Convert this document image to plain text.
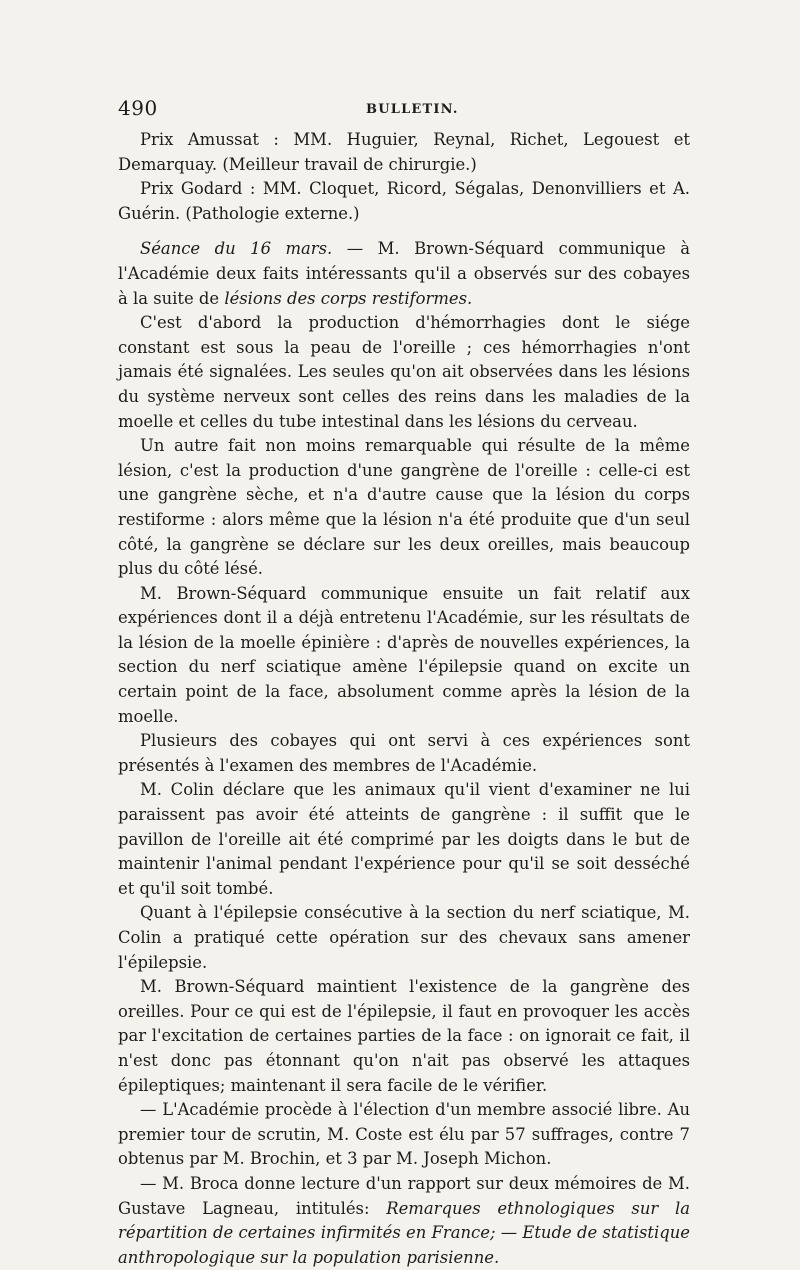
490	BULLETIN.

Prix Amussat : MM. Huguier, Reynal, Richet, Legouest et Demarquay. (Meilleur travail de chirurgie.)

Prix Godard : MM. Cloquet, Ricord, Ségalas, Denonvilliers et A. Guérin. (Pathologie externe.)

Séance du 16 mars. — M. Brown-Séquard communique à l'Académie deux faits intéressants qu'il a observés sur des cobayes à la suite de lésions des corps restiformes.

C'est d'abord la production d'hémorrhagies dont le siége constant est sous la peau de l'oreille ; ces hémorrhagies n'ont jamais été signalées. Les seules qu'on ait observées dans les lésions du système nerveux sont celles des reins dans les maladies de la moelle et celles du tube intestinal dans les lésions du cerveau.

Un autre fait non moins remarquable qui résulte de la même lésion, c'est la production d'une gangrène de l'oreille : celle-ci est une gangrène sèche, et n'a d'autre cause que la lésion du corps restiforme : alors même que la lésion n'a été produite que d'un seul côté, la gangrène se déclare sur les deux oreilles, mais beaucoup plus du côté lésé.

M. Brown-Séquard communique ensuite un fait relatif aux expériences dont il a déjà entretenu l'Académie, sur les résultats de la lésion de la moelle épinière : d'après de nouvelles expériences, la section du nerf sciatique amène l'épilepsie quand on excite un certain point de la face, absolument comme après la lésion de la moelle.

Plusieurs des cobayes qui ont servi à ces expériences sont présentés à l'examen des membres de l'Académie.

M. Colin déclare que les animaux qu'il vient d'examiner ne lui paraissent pas avoir été atteints de gangrène : il suffit que le pavillon de l'oreille ait été comprimé par les doigts dans le but de maintenir l'animal pendant l'expérience pour qu'il se soit desséché et qu'il soit tombé.

Quant à l'épilepsie consécutive à la section du nerf sciatique, M. Colin a pratiqué cette opération sur des chevaux sans amener l'épilepsie.

M. Brown-Séquard maintient l'existence de la gangrène des oreilles. Pour ce qui est de l'épilepsie, il faut en provoquer les accès par l'excitation de certaines parties de la face : on ignorait ce fait, il n'est donc pas étonnant qu'on n'ait pas observé les attaques épileptiques; maintenant il sera facile de le vérifier.

— L'Académie procède à l'élection d'un membre associé libre. Au premier tour de scrutin, M. Coste est élu par 57 suffrages, contre 7 obtenus par M. Brochin, et 3 par M. Joseph Michon.

— M. Broca donne lecture d'un rapport sur deux mémoires de M. Gustave Lagneau, intitulés: Remarques ethnologiques sur la répartition de certaines infirmités en France; — Etude de statistique anthropologique sur la population parisienne.
